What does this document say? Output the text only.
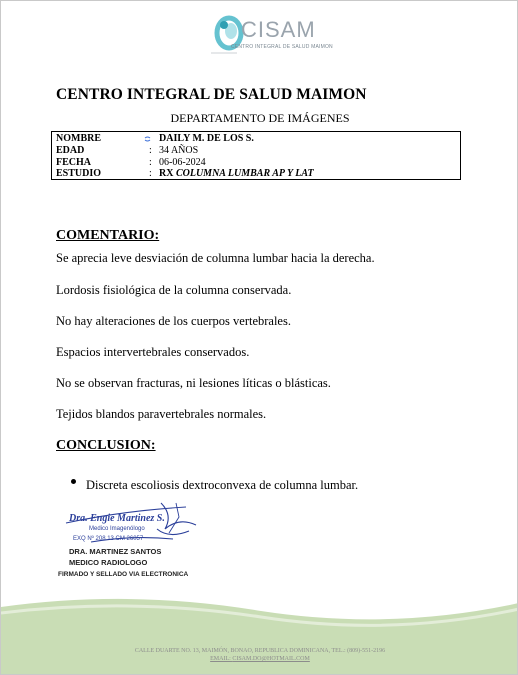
CISAM
CENTRO INTEGRAL DE SALUD MAIMON
CENTRO INTEGRAL DE SALUD MAIMON
DEPARTAMENTO DE IMÁGENES
NOMBRE	DAILY M. DE LOS S.
EDAD	: 34 AÑOS
FECHA	: 06-06-2024
ESTUDIO	: RX COLUMNA LUMBAR AP Y LAT
COMENTARIO:
Se aprecia leve desviación de columna lumbar hacia la derecha.
Lordosis fisiológica de la columna conservada.
No hay alteraciones de los cuerpos vertebrales.
Espacios intervertebrales conservados.
No se observan fracturas, ni lesiones líticas o blásticas.
Tejidos blandos paravertebrales normales.
CONCLUSION:
Discreta escoliosis dextroconvexa de columna lumbar.
Dra. Engie Martinez S.
Medico Imagenólogo
EXQ Nº 208 13 CM 26057
DRA. MARTINEZ SANTOS
MEDICO RADIOLOGO
FIRMADO Y SELLADO VIA ELECTRONICA
CALLE DUARTE NO. 13, MAIMÓN, BONAO, REPUBLICA DOMINICANA, TEL.: (809)-551-2196
EMAIL: CISAM.DO@HOTMAIL.COM
